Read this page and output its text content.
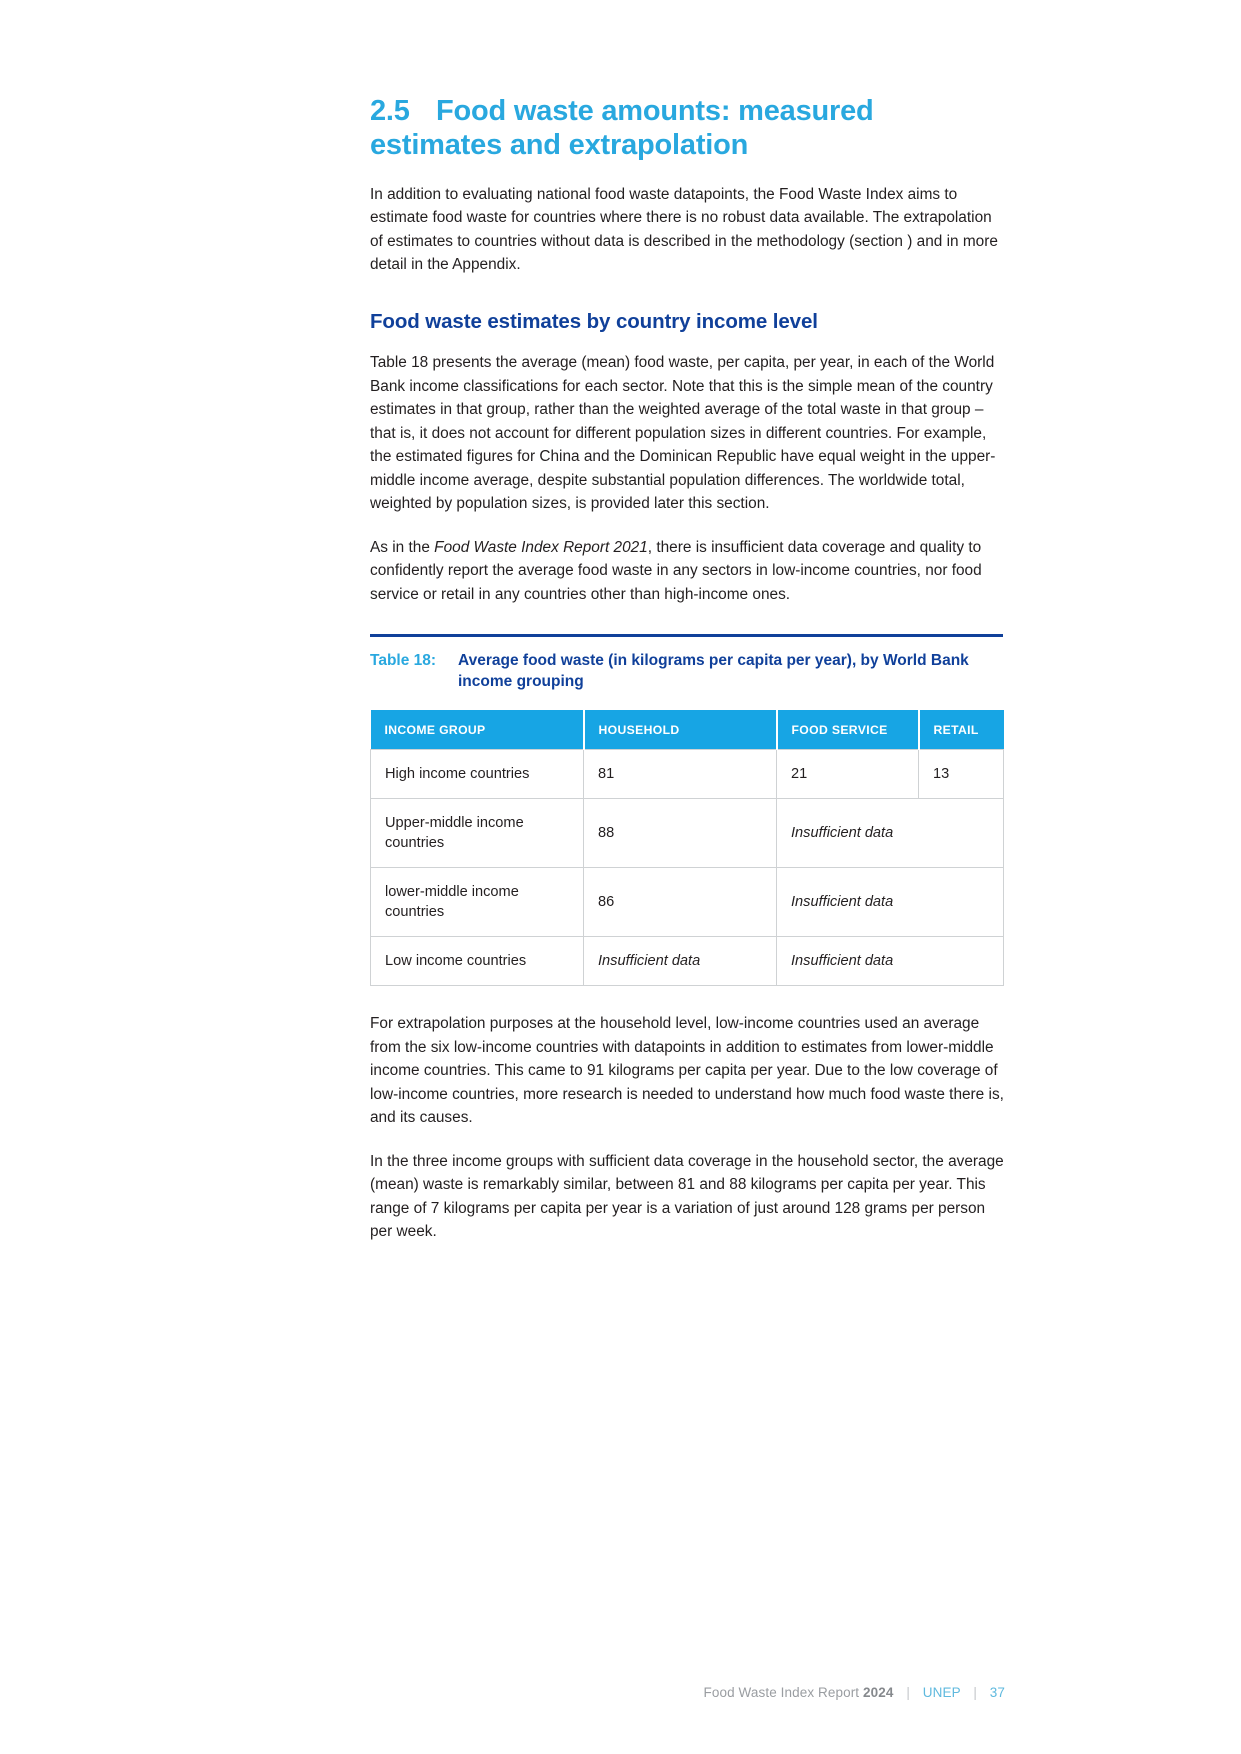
2.5 Food waste amounts: measured estimates and extrapolation

In addition to evaluating national food waste datapoints, the Food Waste Index aims to estimate food waste for countries where there is no robust data available. The extrapolation of estimates to countries without data is described in the methodology (section ) and in more detail in the Appendix.

Food waste estimates by country income level

Table 18 presents the average (mean) food waste, per capita, per year, in each of the World Bank income classifications for each sector. Note that this is the simple mean of the country estimates in that group, rather than the weighted average of the total waste in that group – that is, it does not account for different population sizes in different countries. For example, the estimated figures for China and the Dominican Republic have equal weight in the upper-middle income average, despite substantial population differences. The worldwide total, weighted by population sizes, is provided later this section.

As in the Food Waste Index Report 2021, there is insufficient data coverage and quality to confidently report the average food waste in any sectors in low-income countries, nor food service or retail in any countries other than high-income ones.

Table 18:	Average food waste (in kilograms per capita per year), by World Bank income grouping
INCOME GROUP	HOUSEHOLD	FOOD SERVICE	RETAIL
High income countries	81	21	13
Upper-middle income countries	88	Insufficient data	
lower-middle income countries	86	Insufficient data	
Low income countries	Insufficient data	Insufficient data	

For extrapolation purposes at the household level, low-income countries used an average from the six low-income countries with datapoints in addition to estimates from lower-middle income countries. This came to 91 kilograms per capita per year. Due to the low coverage of low-income countries, more research is needed to understand how much food waste there is, and its causes.

In the three income groups with sufficient data coverage in the household sector, the average (mean) waste is remarkably similar, between 81 and 88 kilograms per capita per year. This range of 7 kilograms per capita per year is a variation of just around 128 grams per person per week.

Food Waste Index Report 2024 | UNEP | 37
